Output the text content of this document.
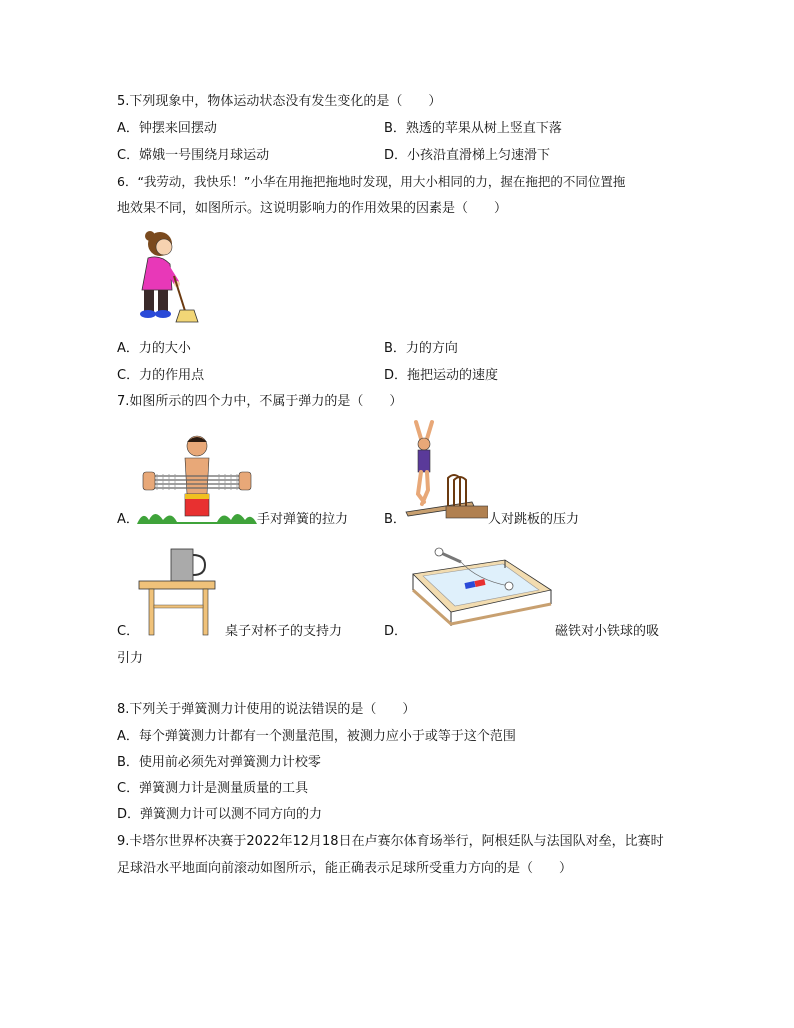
5.下列现象中，物体运动状态没有发生变化的是（　　）
A．钟摆来回摆动	B．熟透的苹果从树上竖直下落
C．嫦娥一号围绕月球运动	D．小孩沿直滑梯上匀速滑下
6．“我劳动，我快乐！”小华在用拖把拖地时发现，用大小相同的力，握在拖把的不同位置拖
地效果不同，如图所示。这说明影响力的作用效果的因素是（　　）
A．力的大小	B．力的方向
C．力的作用点	D．拖把运动的速度
7.如图所示的四个力中，不属于弹力的是（　　）
A．	手对弹簧的拉力	B．	人对跳板的压力
C．	桌子对杯子的支持力	D．	磁铁对小铁球的吸
引力
8.下列关于弹簧测力计使用的说法错误的是（　　）
A．每个弹簧测力计都有一个测量范围，被测力应小于或等于这个范围
B．使用前必须先对弹簧测力计校零
C．弹簧测力计是测量质量的工具
D．弹簧测力计可以测不同方向的力
9.卡塔尔世界杯决赛于2022年12月18日在卢赛尔体育场举行，阿根廷队与法国队对垒，比赛时
足球沿水平地面向前滚动如图所示，能正确表示足球所受重力方向的是（　　）
